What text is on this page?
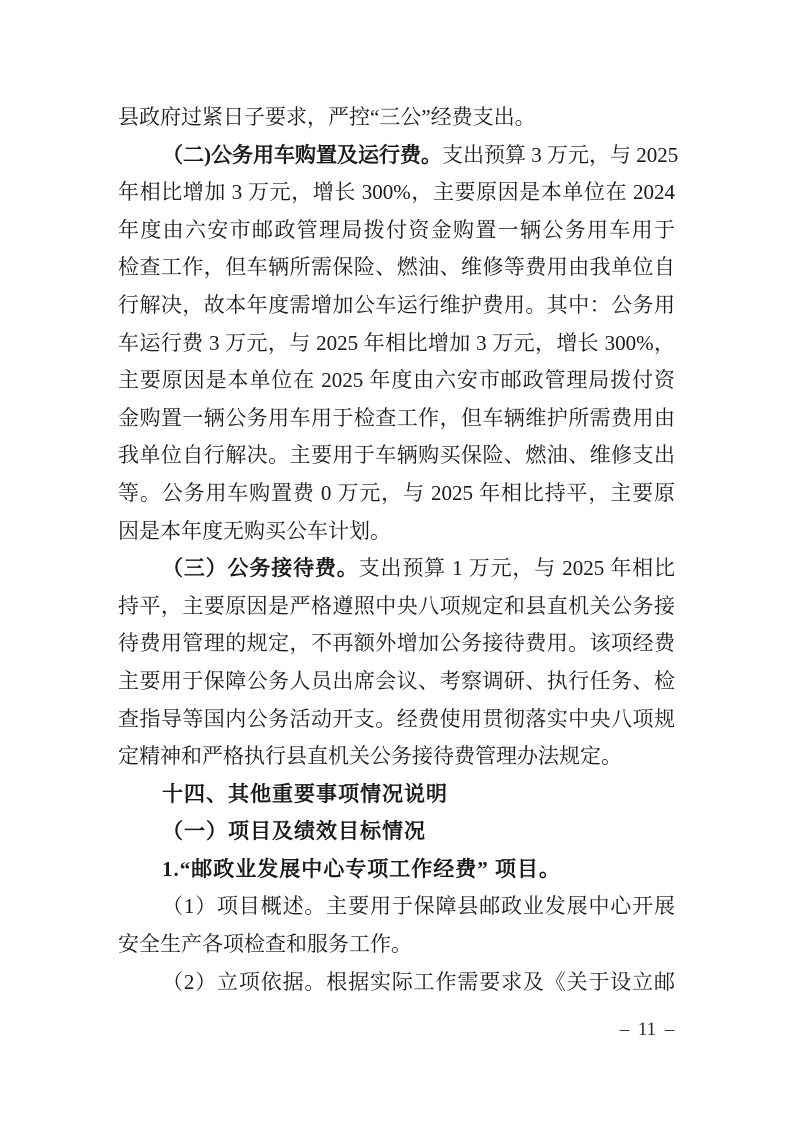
县政府过紧日子要求，严控“三公”经费支出。
（二)公务用车购置及运行费。支出预算 3 万元，与 2025
年相比增加 3 万元，增长 300%，主要原因是本单位在 2024
年度由六安市邮政管理局拨付资金购置一辆公务用车用于
检查工作，但车辆所需保险、燃油、维修等费用由我单位自
行解决，故本年度需增加公车运行维护费用。其中：公务用
车运行费 3 万元，与 2025 年相比增加 3 万元，增长 300%，
主要原因是本单位在 2025 年度由六安市邮政管理局拨付资
金购置一辆公务用车用于检查工作，但车辆维护所需费用由
我单位自行解决。主要用于车辆购买保险、燃油、维修支出
等。公务用车购置费 0 万元，与 2025 年相比持平，主要原
因是本年度无购买公车计划。
（三）公务接待费。支出预算 1 万元，与 2025 年相比
持平，主要原因是严格遵照中央八项规定和县直机关公务接
待费用管理的规定，不再额外增加公务接待费用。该项经费
主要用于保障公务人员出席会议、考察调研、执行任务、检
查指导等国内公务活动开支。经费使用贯彻落实中央八项规
定精神和严格执行县直机关公务接待费管理办法规定。
十四、其他重要事项情况说明
（一）项目及绩效目标情况
1.“邮政业发展中心专项工作经费” 项目。
（1）项目概述。主要用于保障县邮政业发展中心开展
安全生产各项检查和服务工作。
（2）立项依据。根据实际工作需要求及《关于设立邮
– 11 –
